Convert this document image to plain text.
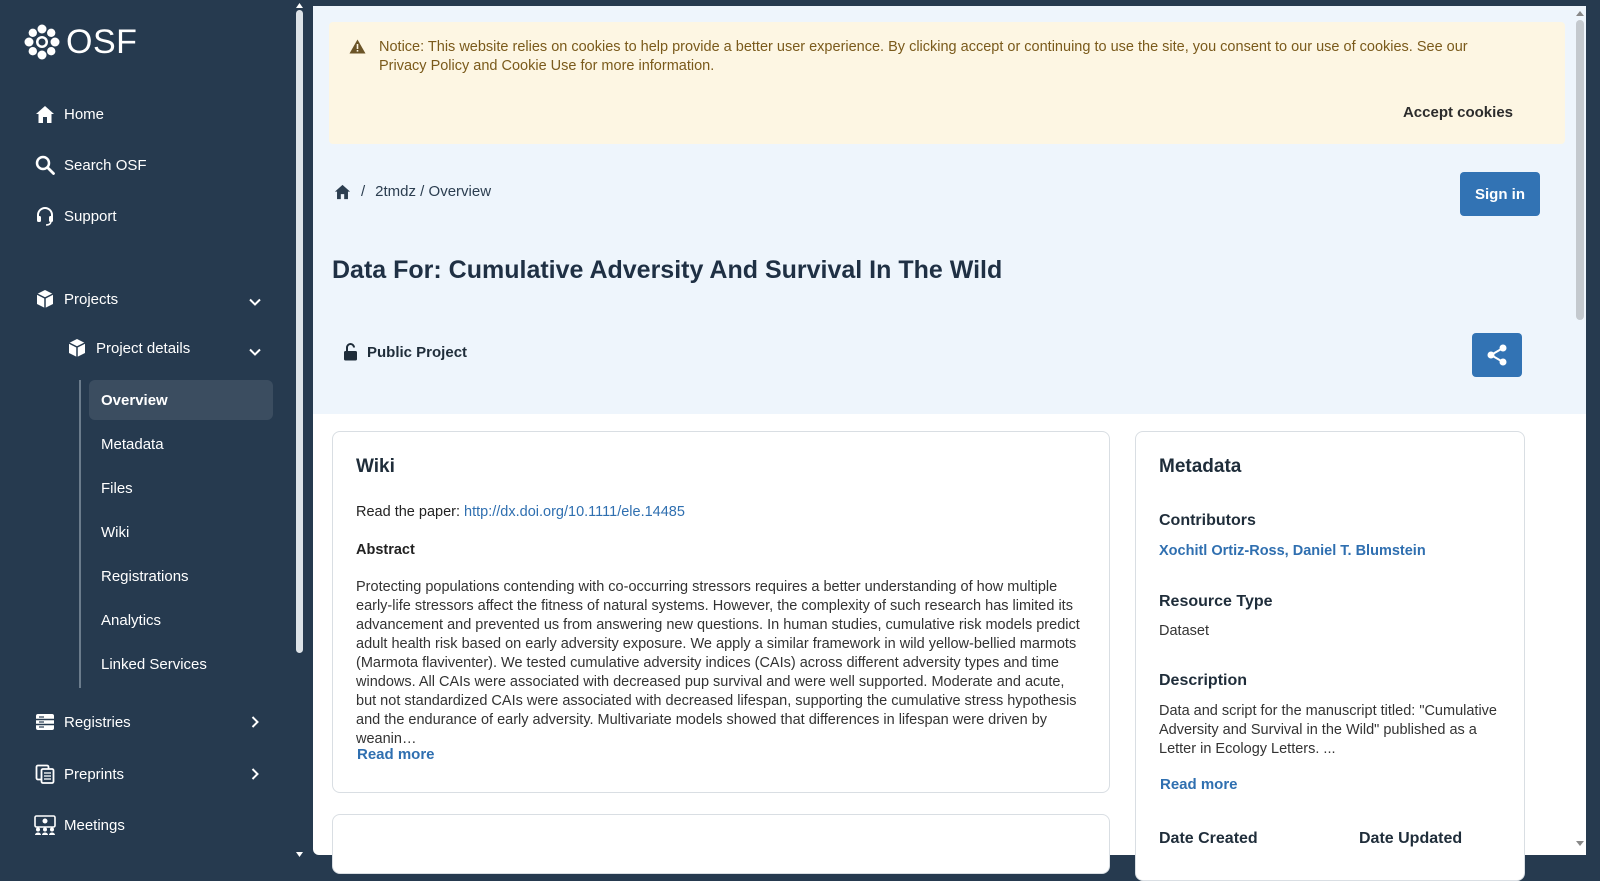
OSF
Home
Search OSF
Support
Projects
Project details
Overview
Metadata
Files
Wiki
Registrations
Analytics
Linked Services
Registries
Preprints
Meetings
Notice: This website relies on cookies to help provide a better user experience. By clicking accept or continuing to use the site, you consent to our use of cookies. See our Privacy Policy and Cookie Use for more information.
Accept cookies
/ 2tmdz / Overview	Sign in
Data For: Cumulative Adversity And Survival In The Wild
Public Project
Wiki
Read the paper: http://dx.doi.org/10.1111/ele.14485
Abstract
Protecting populations contending with co-occurring stressors requires a better understanding of how multiple early-life stressors affect the fitness of natural systems. However, the complexity of such research has limited its advancement and prevented us from answering new questions. In human studies, cumulative risk models predict adult health risk based on early adversity exposure. We apply a similar framework in wild yellow-bellied marmots (Marmota flaviventer). We tested cumulative adversity indices (CAIs) across different adversity types and time windows. All CAIs were associated with decreased pup survival and were well supported. Moderate and acute, but not standardized CAIs were associated with decreased lifespan, supporting the cumulative stress hypothesis and the endurance of early adversity. Multivariate models showed that differences in lifespan were driven by weanin…
Read more
Metadata
Contributors
Xochitl Ortiz-Ross, Daniel T. Blumstein
Resource Type
Dataset
Description
Data and script for the manuscript titled: "Cumulative Adversity and Survival in the Wild" published as a Letter in Ecology Letters. ...
Read more
Date Created	Date Updated
